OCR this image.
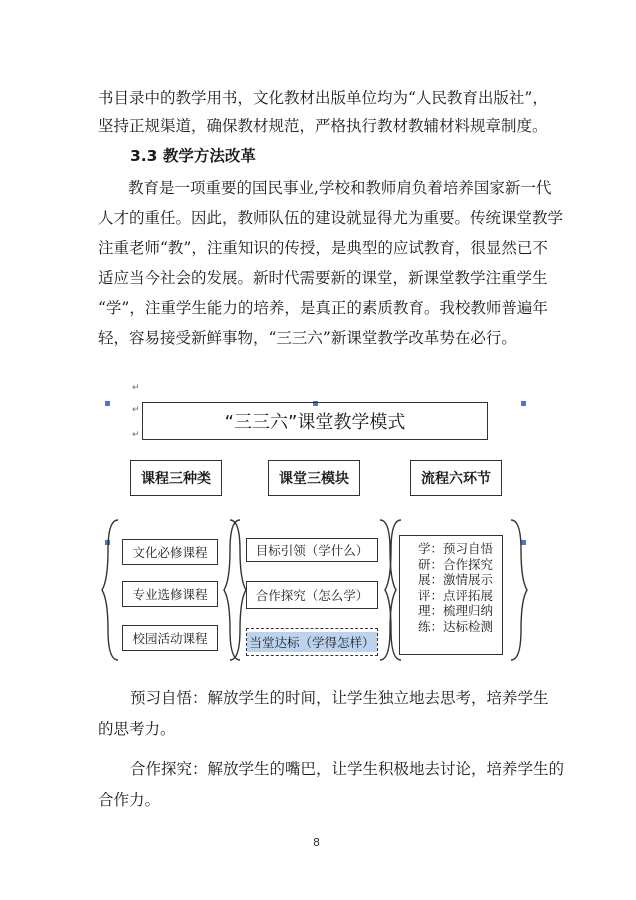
书目录中的教学用书，文化教材出版单位均为“人民教育出版社”，
坚持正规渠道，确保教材规范，严格执行教材教辅材料规章制度。
3.3 教学方法改革
教育是一项重要的国民事业,学校和教师肩负着培养国家新一代
人才的重任。因此，教师队伍的建设就显得尤为重要。传统课堂教学
注重老师“教”，注重知识的传授，是典型的应试教育，很显然已不
适应当今社会的发展。新时代需要新的课堂，新课堂教学注重学生
“学”，注重学生能力的培养，是真正的素质教育。我校教师普遍年
轻，容易接受新鲜事物，“三三六”新课堂教学改革势在必行。
↵
↵
↵
“三三六”课堂教学模式
课程三种类	课堂三模块	流程六环节
文化必修课程
专业选修课程
校园活动课程
目标引领（学什么）
合作探究（怎么学）
当堂达标（学得怎样）
学：预习自悟
研：合作探究
展：激情展示
评：点评拓展
理：梳理归纳
练：达标检测
预习自悟：解放学生的时间，让学生独立地去思考，培养学生
的思考力。
合作探究：解放学生的嘴巴，让学生积极地去讨论，培养学生的
合作力。
8
